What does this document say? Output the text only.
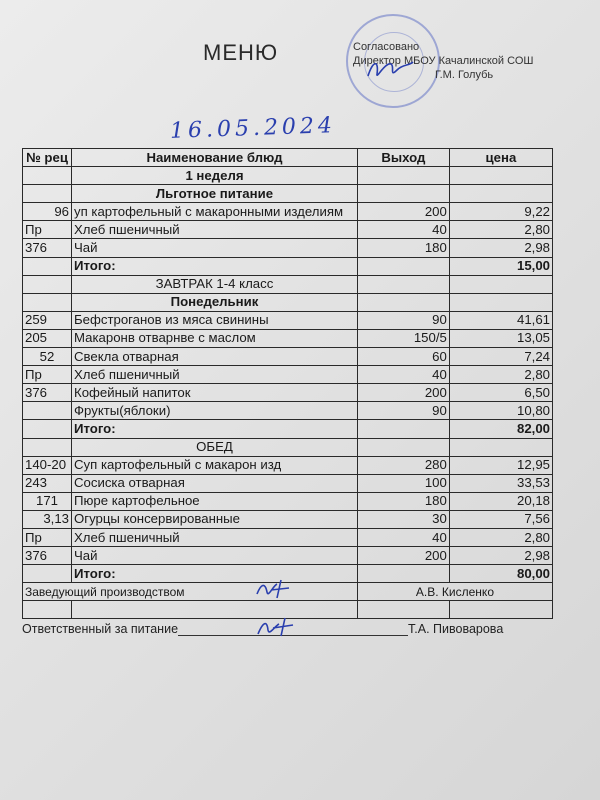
МЕНЮ	Согласовано
Директор МБОУ Качалинской СОШ
Г.М. Голубь
16.05.2024
№ рец	Наименование блюд	Выход	цена
	1 неделя		
	Льготное питание		
96	уп картофельный с макаронными изделиям	200	9,22
Пр	Хлеб пшеничный	40	2,80
376	Чай	180	2,98
	Итого:		15,00
	ЗАВТРАК 1-4 класс		
	Понедельник		
259	Бефстроганов из мяса свинины	90	41,61
205	Макаронв отварнве с маслом	150/5	13,05
52	Свекла отварная	60	7,24
Пр	Хлеб пшеничный	40	2,80
376	Кофейный напиток	200	6,50
	Фрукты(яблоки)	90	10,80
	Итого:		82,00
	ОБЕД		
140-20	Суп картофельный с макарон изд	280	12,95
243	Сосиска отварная	100	33,53
171	Пюре картофельное	180	20,18
3,13	Огурцы консервированные	30	7,56
Пр	Хлеб пшеничный	40	2,80
376	Чай	200	2,98
	Итого:		80,00
Заведующий производством		А.В. Кисленко	

Ответственный за питание	Т.А. Пивоварова
